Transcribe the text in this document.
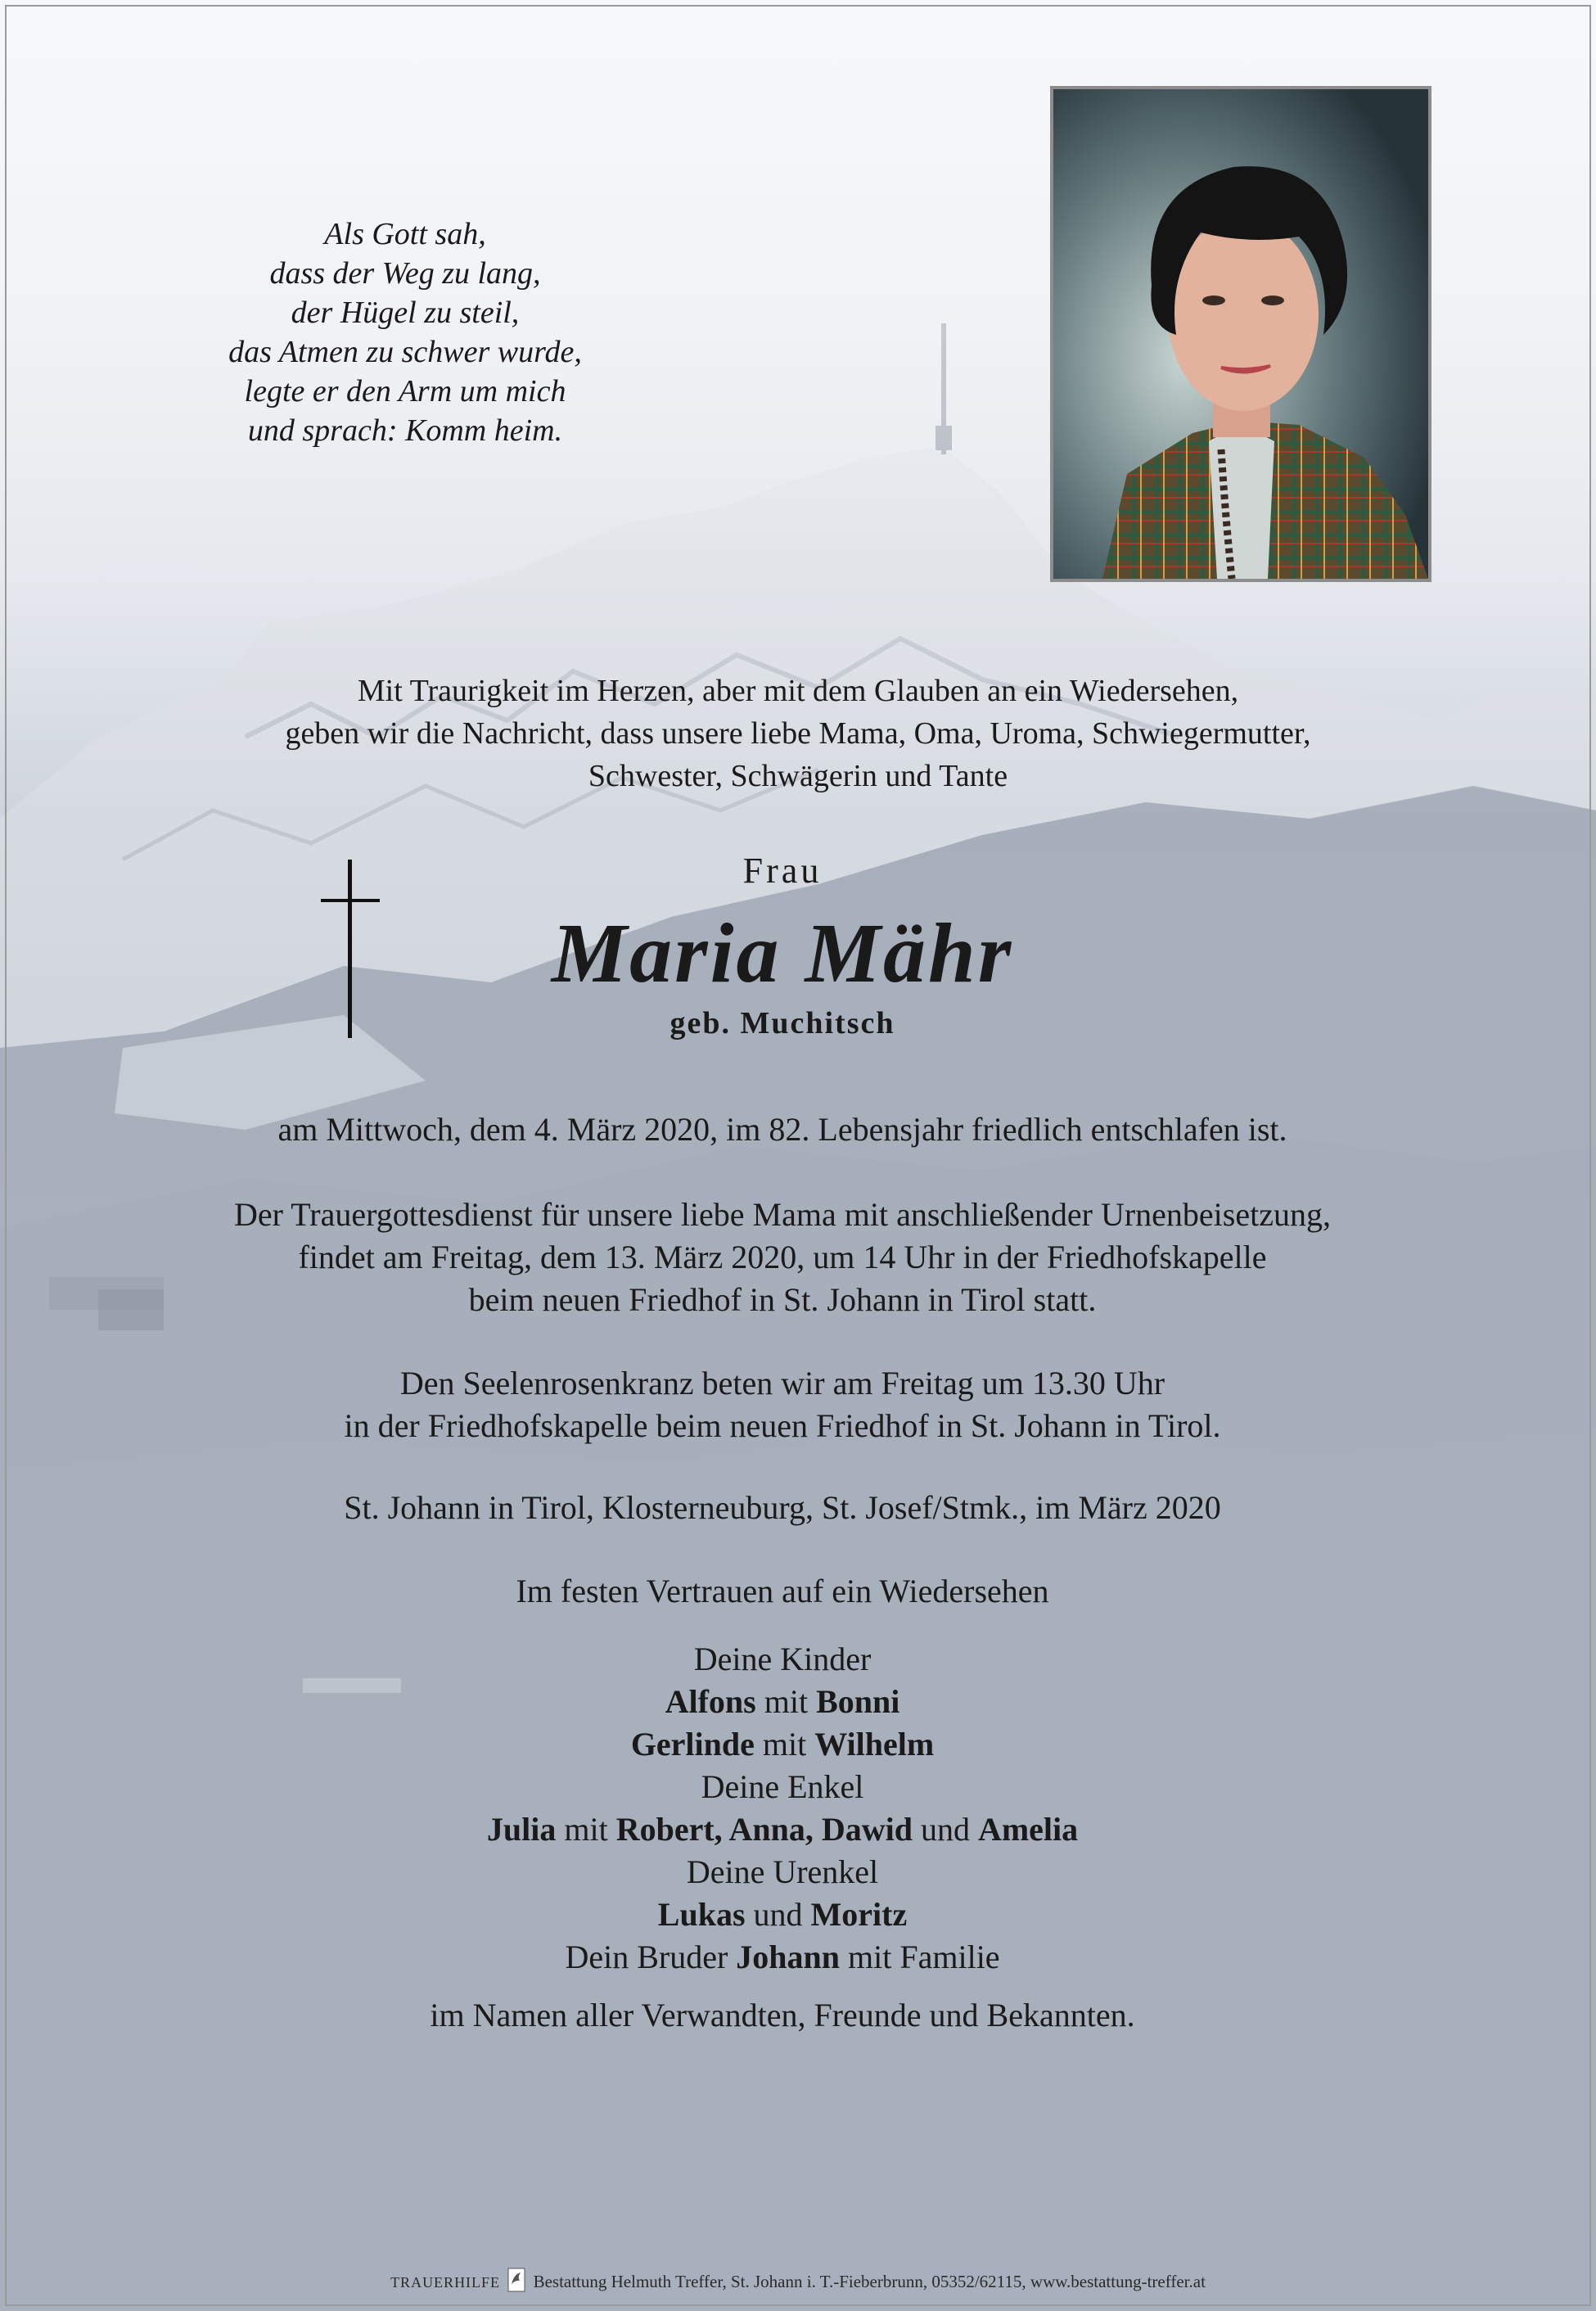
Als Gott sah,
dass der Weg zu lang,
der Hügel zu steil,
das Atmen zu schwer wurde,
legte er den Arm um mich
und sprach: Komm heim.
Mit Traurigkeit im Herzen, aber mit dem Glauben an ein Wiedersehen,
geben wir die Nachricht, dass unsere liebe Mama, Oma, Uroma, Schwiegermutter,
Schwester, Schwägerin und Tante
Frau
Maria Mähr
geb. Muchitsch
am Mittwoch, dem 4. März 2020, im 82. Lebensjahr friedlich entschlafen ist.
Der Trauergottesdienst für unsere liebe Mama mit anschließender Urnenbeisetzung,
findet am Freitag, dem 13. März 2020, um 14 Uhr in der Friedhofskapelle
beim neuen Friedhof in St. Johann in Tirol statt.
Den Seelenrosenkranz beten wir am Freitag um 13.30 Uhr
in der Friedhofskapelle beim neuen Friedhof in St. Johann in Tirol.
St. Johann in Tirol, Klosterneuburg, St. Josef/Stmk., im März 2020
Im festen Vertrauen auf ein Wiedersehen
Deine Kinder
Alfons mit Bonni
Gerlinde mit Wilhelm
Deine Enkel
Julia mit Robert, Anna, Dawid und Amelia
Deine Urenkel
Lukas und Moritz
Dein Bruder Johann mit Familie
im Namen aller Verwandten, Freunde und Bekannten.
TRAUERHILFE Bestattung Helmuth Treffer, St. Johann i. T.-Fieberbrunn, 05352/62115, www.bestattung-treffer.at
